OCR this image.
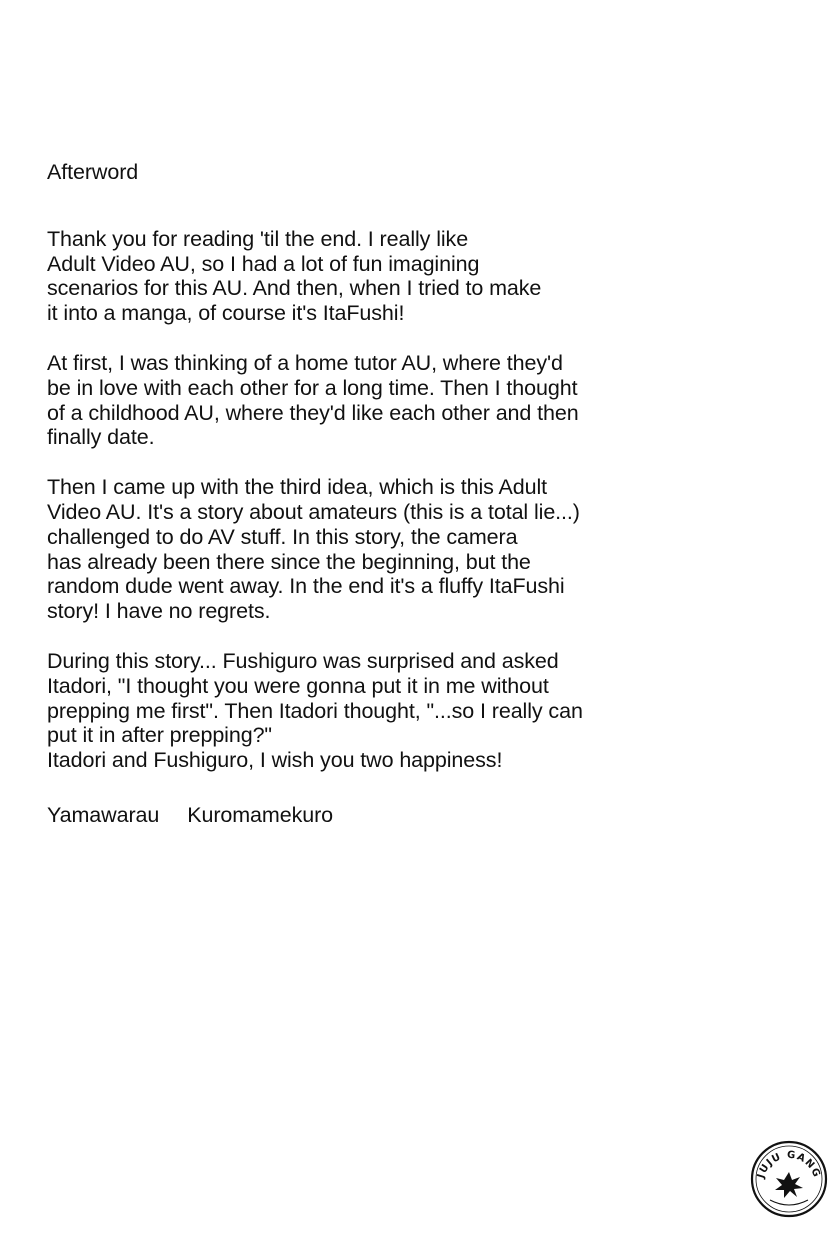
Afterword
Thank you for reading 'til the end. I really like
Adult Video AU, so I had a lot of fun imagining
scenarios for this AU. And then, when I tried to make
it into a manga, of course it's ItaFushi!
At first, I was thinking of a home tutor AU, where they'd
be in love with each other for a long time. Then I thought
of a childhood AU, where they'd like each other and then
finally date.
Then I came up with the third idea, which is this Adult
Video AU. It's a story about amateurs (this is a total lie...)
challenged to do AV stuff. In this story, the camera
has already been there since the beginning, but the
random dude went away. In the end it's a fluffy ItaFushi
story! I have no regrets.
During this story... Fushiguro was surprised and asked
Itadori, "I thought you were gonna put it in me without
prepping me first". Then Itadori thought, "...so I really can
put it in after prepping?"
Itadori and Fushiguro, I wish you two happiness!
Yamawarau Kuromamekuro
JUJU GANG
